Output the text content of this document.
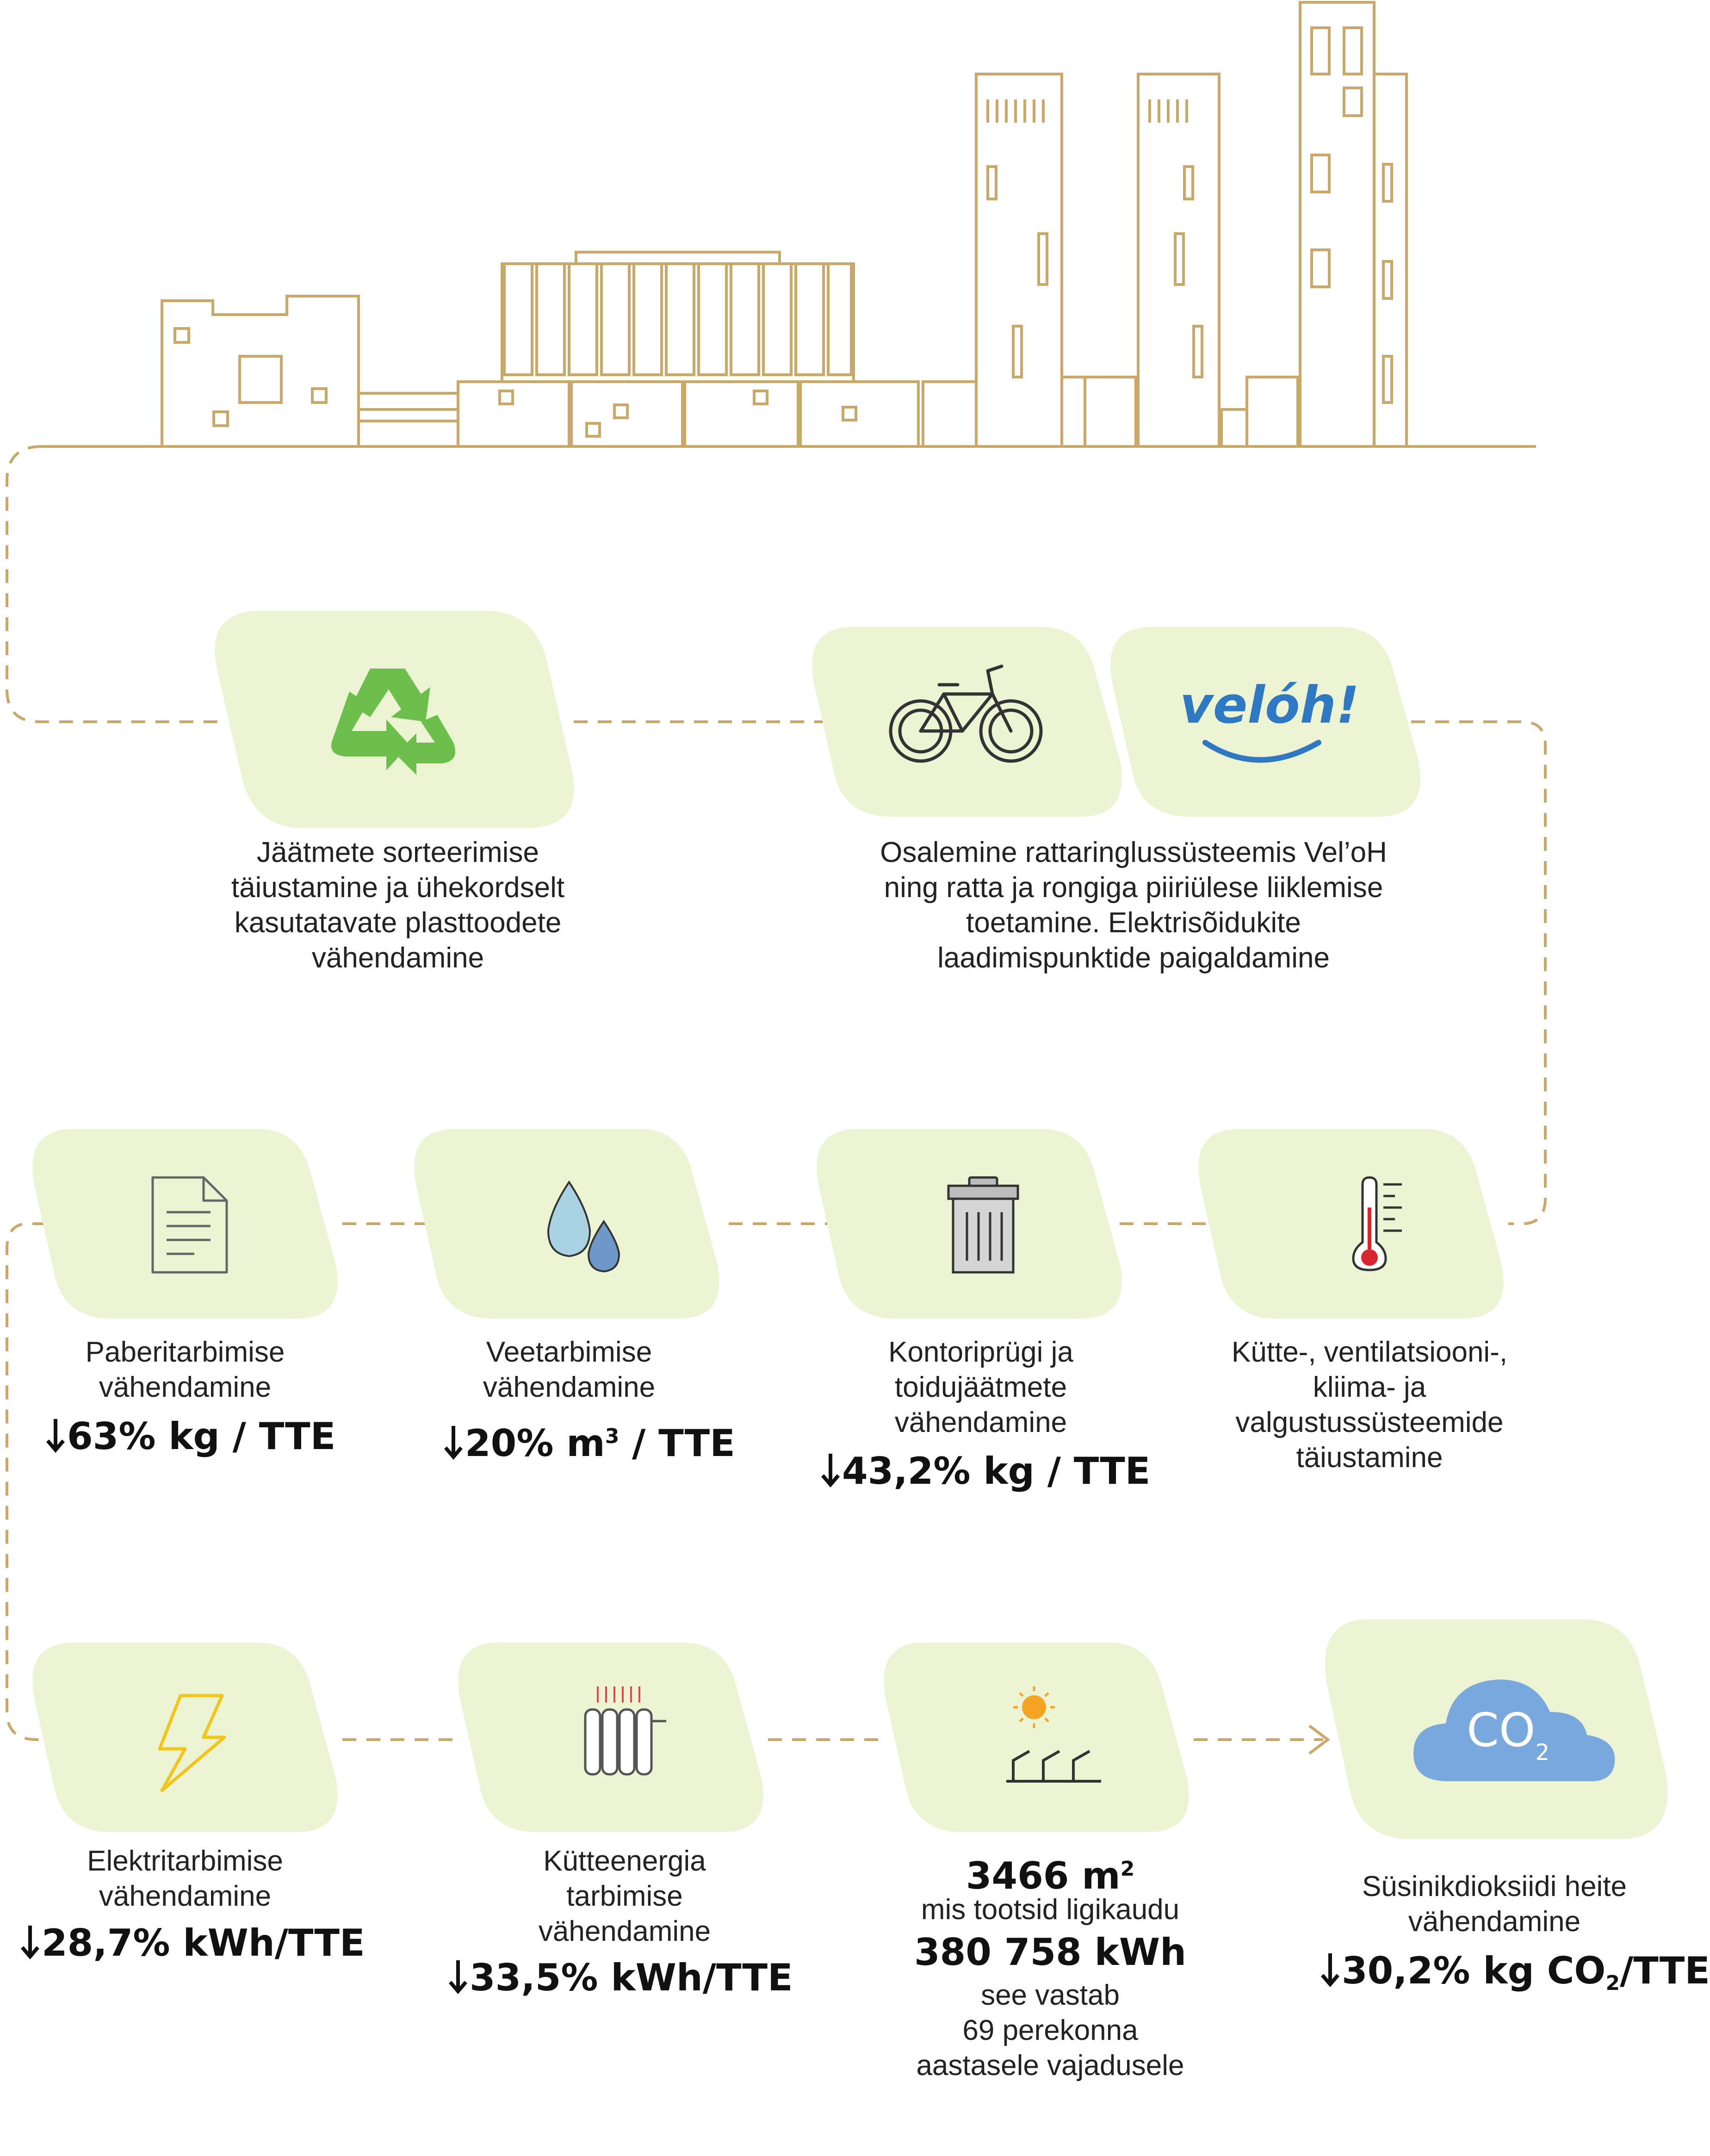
velóh!
$CO_2$
Jäätmete sorteerimise
täiustamine ja ühekordselt
kasutatavate plasttoodete
vähendamine
Osalemine rattaringlussüsteemis Vel’oH
ning ratta ja rongiga piiriülese liiklemise
toetamine. Elektrisõidukite
laadimispunktide paigaldamine
Paberitarbimise
vähendamine
63% kg / TTE
Veetarbimise
vähendamine
20% $m^3$ / TTE
Kontoriprügi ja
toidujäätmete
vähendamine
43,2% kg / TTE
Kütte-, ventilatsiooni-,
kliima- ja
valgustussüsteemide
täiustamine
Elektritarbimise
vähendamine
28,7% kWh/TTE
Kütteenergia
tarbimise
vähendamine
33,5% kWh/TTE
3466 $m^2$
mis tootsid ligikaudu
380 758 kWh
see vastab
69 perekonna
aastasele vajadusele
Süsinikdioksiidi heite
vähendamine
30,2% kg CO2/TTE
